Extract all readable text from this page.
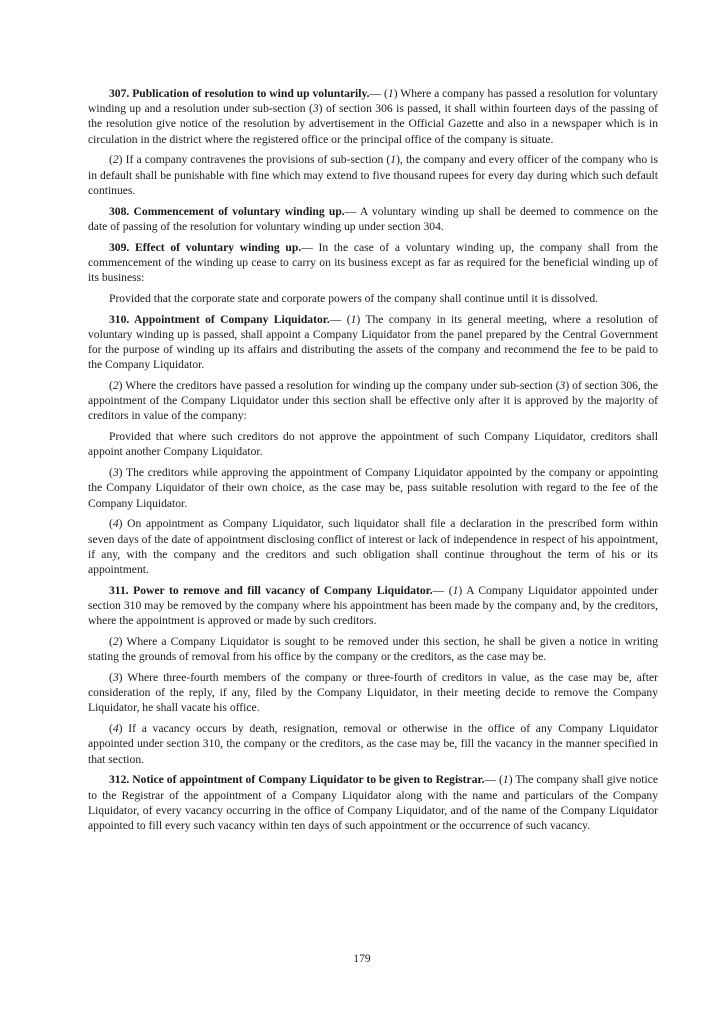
307. Publication of resolution to wind up voluntarily.— (1) Where a company has passed a resolution for voluntary winding up and a resolution under sub-section (3) of section 306 is passed, it shall within fourteen days of the passing of the resolution give notice of the resolution by advertisement in the Official Gazette and also in a newspaper which is in circulation in the district where the registered office or the principal office of the company is situate.

(2) If a company contravenes the provisions of sub-section (1), the company and every officer of the company who is in default shall be punishable with fine which may extend to five thousand rupees for every day during which such default continues.

308. Commencement of voluntary winding up.— A voluntary winding up shall be deemed to commence on the date of passing of the resolution for voluntary winding up under section 304.

309. Effect of voluntary winding up.— In the case of a voluntary winding up, the company shall from the commencement of the winding up cease to carry on its business except as far as required for the beneficial winding up of its business:

Provided that the corporate state and corporate powers of the company shall continue until it is dissolved.

310. Appointment of Company Liquidator.— (1) The company in its general meeting, where a resolution of voluntary winding up is passed, shall appoint a Company Liquidator from the panel prepared by the Central Government for the purpose of winding up its affairs and distributing the assets of the company and recommend the fee to be paid to the Company Liquidator.

(2) Where the creditors have passed a resolution for winding up the company under sub-section (3) of section 306, the appointment of the Company Liquidator under this section shall be effective only after it is approved by the majority of creditors in value of the company:

Provided that where such creditors do not approve the appointment of such Company Liquidator, creditors shall appoint another Company Liquidator.

(3) The creditors while approving the appointment of Company Liquidator appointed by the company or appointing the Company Liquidator of their own choice, as the case may be, pass suitable resolution with regard to the fee of the Company Liquidator.

(4) On appointment as Company Liquidator, such liquidator shall file a declaration in the prescribed form within seven days of the date of appointment disclosing conflict of interest or lack of independence in respect of his appointment, if any, with the company and the creditors and such obligation shall continue throughout the term of his or its appointment.

311. Power to remove and fill vacancy of Company Liquidator.— (1) A Company Liquidator appointed under section 310 may be removed by the company where his appointment has been made by the company and, by the creditors, where the appointment is approved or made by such creditors.

(2) Where a Company Liquidator is sought to be removed under this section, he shall be given a notice in writing stating the grounds of removal from his office by the company or the creditors, as the case may be.

(3) Where three-fourth members of the company or three-fourth of creditors in value, as the case may be, after consideration of the reply, if any, filed by the Company Liquidator, in their meeting decide to remove the Company Liquidator, he shall vacate his office.

(4) If a vacancy occurs by death, resignation, removal or otherwise in the office of any Company Liquidator appointed under section 310, the company or the creditors, as the case may be, fill the vacancy in the manner specified in that section.

312. Notice of appointment of Company Liquidator to be given to Registrar.— (1) The company shall give notice to the Registrar of the appointment of a Company Liquidator along with the name and particulars of the Company Liquidator, of every vacancy occurring in the office of Company Liquidator, and of the name of the Company Liquidator appointed to fill every such vacancy within ten days of such appointment or the occurrence of such vacancy.

179
